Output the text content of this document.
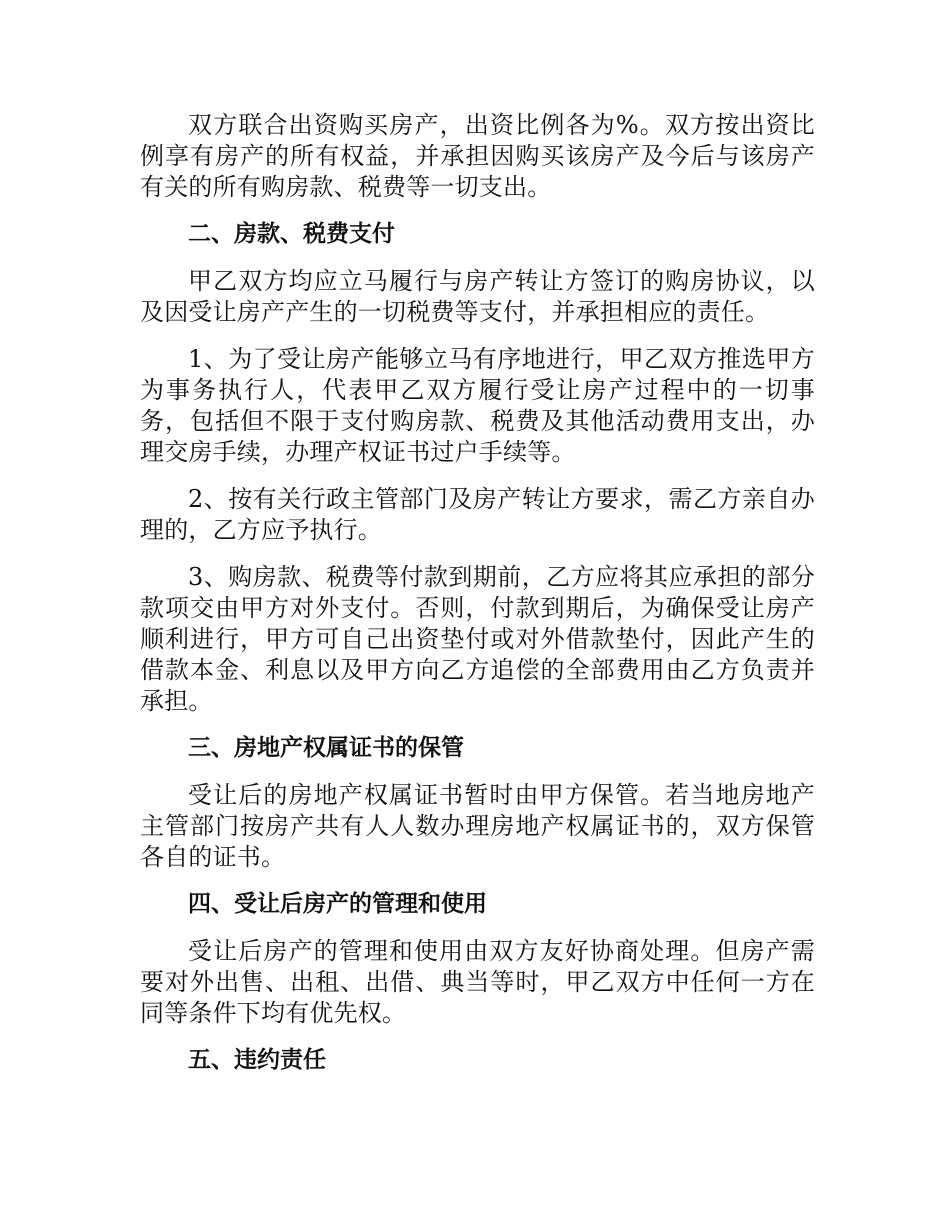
双方联合出资购买房产，出资比例各为%。双方按出资比例享有房产的所有权益，并承担因购买该房产及今后与该房产有关的所有购房款、税费等一切支出。

二、房款、税费支付

甲乙双方均应立马履行与房产转让方签订的购房协议，以及因受让房产产生的一切税费等支付，并承担相应的责任。

1、为了受让房产能够立马有序地进行，甲乙双方推选甲方为事务执行人，代表甲乙双方履行受让房产过程中的一切事务，包括但不限于支付购房款、税费及其他活动费用支出，办理交房手续，办理产权证书过户手续等。

2、按有关行政主管部门及房产转让方要求，需乙方亲自办理的，乙方应予执行。

3、购房款、税费等付款到期前，乙方应将其应承担的部分款项交由甲方对外支付。否则，付款到期后，为确保受让房产顺利进行，甲方可自己出资垫付或对外借款垫付，因此产生的借款本金、利息以及甲方向乙方追偿的全部费用由乙方负责并承担。

三、房地产权属证书的保管

受让后的房地产权属证书暂时由甲方保管。若当地房地产主管部门按房产共有人人数办理房地产权属证书的，双方保管各自的证书。

四、受让后房产的管理和使用

受让后房产的管理和使用由双方友好协商处理。但房产需要对外出售、出租、出借、典当等时，甲乙双方中任何一方在同等条件下均有优先权。

五、违约责任
